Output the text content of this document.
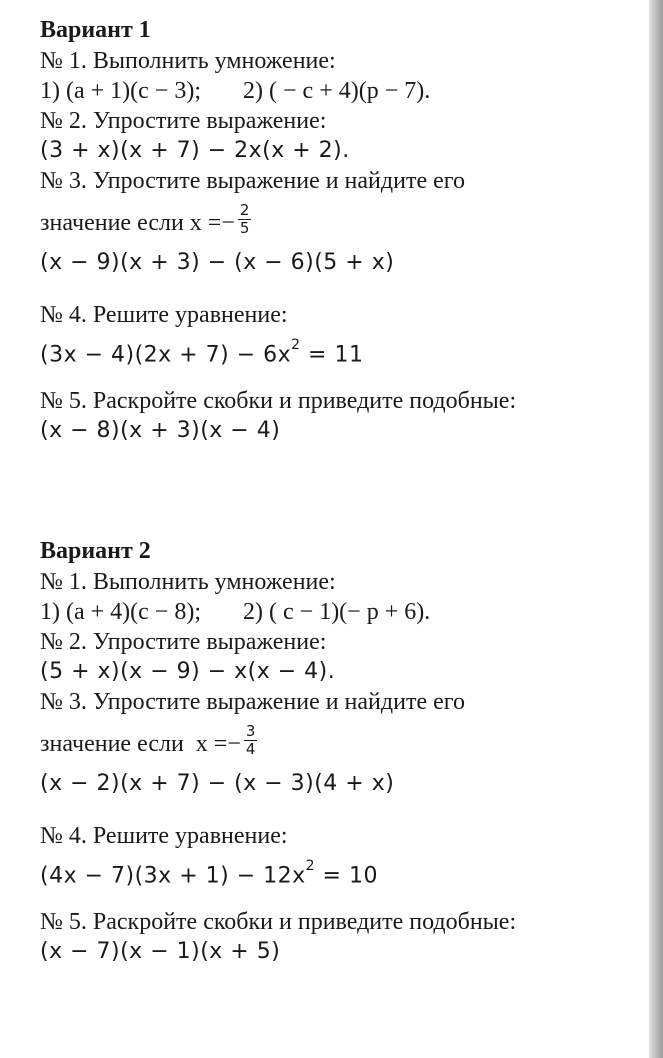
Вариант 1
№ 1. Выполнить умножение:
1) (a + 1)(c − 3); 2) ( − c + 4)(p − 7).
№ 2. Упростите выражение:
(3 + x)(x + 7) − 2x(x + 2).
№ 3. Упростите выражение и найдите его
значение если $x =- \frac{2}{5}$
(x − 9)(x + 3) − (x − 6)(5 + x)
№ 4. Решите уравнение:
$(3x - 4)(2x + 7) - 6x^2 = 11$
№ 5. Раскройте скобки и приведите подобные:
(x − 8)(x + 3)(x − 4)
Вариант 2
№ 1. Выполнить умножение:
1) (a + 4)(c − 8); 2) ( c − 1)(− p + 6).
№ 2. Упростите выражение:
(5 + x)(x − 9) − x(x − 4).
№ 3. Упростите выражение и найдите его
значение если  $x =- \frac{3}{4}$
(x − 2)(x + 7) − (x − 3)(4 + x)
№ 4. Решите уравнение:
$(4x - 7)(3x + 1) - 12x^2 = 10$
№ 5. Раскройте скобки и приведите подобные:
(x − 7)(x − 1)(x + 5)
